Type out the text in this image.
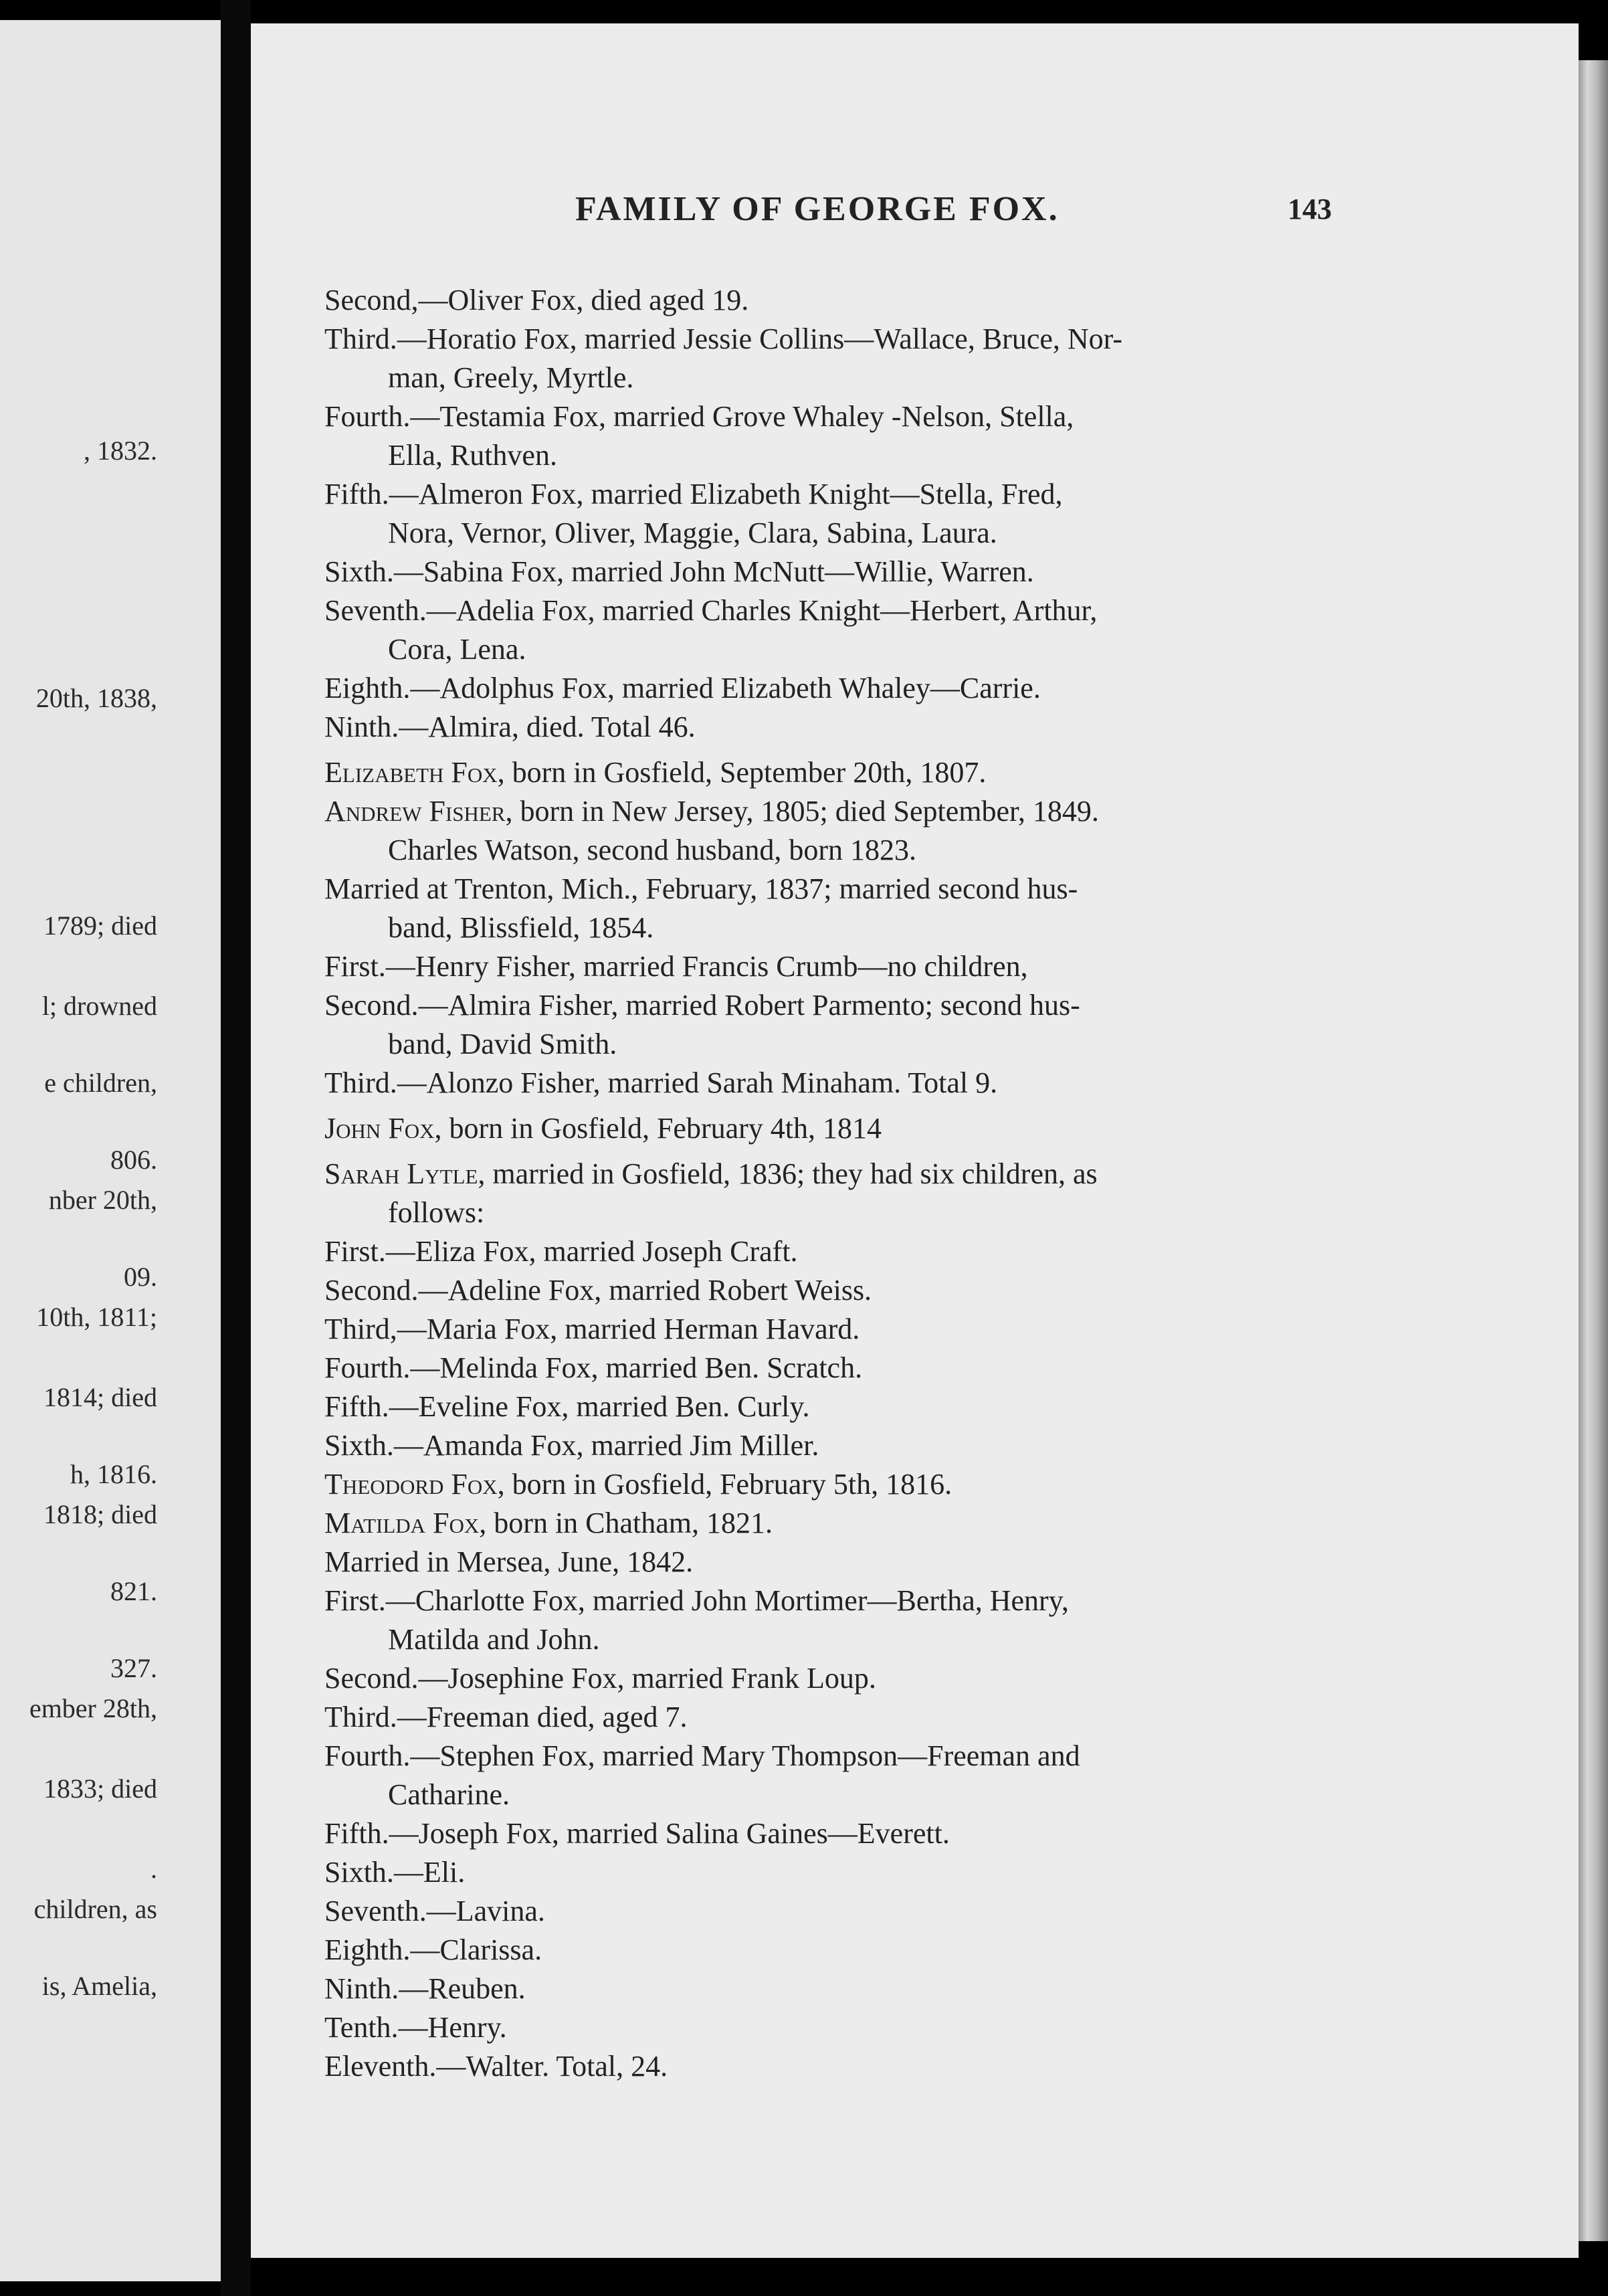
, 1832.
20th, 1838,
1789; died
l; drowned
e children,
806.
nber 20th,
09.
10th, 1811;
1814; died
h, 1816.
1818; died
821.
327.
ember 28th,
1833; died
.
children, as
is, Amelia,
FAMILY OF GEORGE FOX.	143
Second,—Oliver Fox, died aged 19.
Third.—Horatio Fox, married Jessie Collins—Wallace, Bruce, Nor-
man, Greely, Myrtle.
Fourth.—Testamia Fox, married Grove Whaley -Nelson, Stella,
Ella, Ruthven.
Fifth.—Almeron Fox, married Elizabeth Knight—Stella, Fred,
Nora, Vernor, Oliver, Maggie, Clara, Sabina, Laura.
Sixth.—Sabina Fox, married John McNutt—Willie, Warren.
Seventh.—Adelia Fox, married Charles Knight—Herbert, Arthur,
Cora, Lena.
Eighth.—Adolphus Fox, married Elizabeth Whaley—Carrie.
Ninth.—Almira, died. Total 46.
Elizabeth Fox, born in Gosfield, September 20th, 1807.
Andrew Fisher, born in New Jersey, 1805; died September, 1849.
Charles Watson, second husband, born 1823.
Married at Trenton, Mich., February, 1837; married second hus-
band, Blissfield, 1854.
First.—Henry Fisher, married Francis Crumb—no children,
Second.—Almira Fisher, married Robert Parmento; second hus-
band, David Smith.
Third.—Alonzo Fisher, married Sarah Minaham. Total 9.
John Fox, born in Gosfield, February 4th, 1814
Sarah Lytle, married in Gosfield, 1836; they had six children, as
follows:
First.—Eliza Fox, married Joseph Craft.
Second.—Adeline Fox, married Robert Weiss.
Third,—Maria Fox, married Herman Havard.
Fourth.—Melinda Fox, married Ben. Scratch.
Fifth.—Eveline Fox, married Ben. Curly.
Sixth.—Amanda Fox, married Jim Miller.
Theodord Fox, born in Gosfield, February 5th, 1816.
Matilda Fox, born in Chatham, 1821.
Married in Mersea, June, 1842.
First.—Charlotte Fox, married John Mortimer—Bertha, Henry,
Matilda and John.
Second.—Josephine Fox, married Frank Loup.
Third.—Freeman died, aged 7.
Fourth.—Stephen Fox, married Mary Thompson—Freeman and
Catharine.
Fifth.—Joseph Fox, married Salina Gaines—Everett.
Sixth.—Eli.
Seventh.—Lavina.
Eighth.—Clarissa.
Ninth.—Reuben.
Tenth.—Henry.
Eleventh.—Walter. Total, 24.
